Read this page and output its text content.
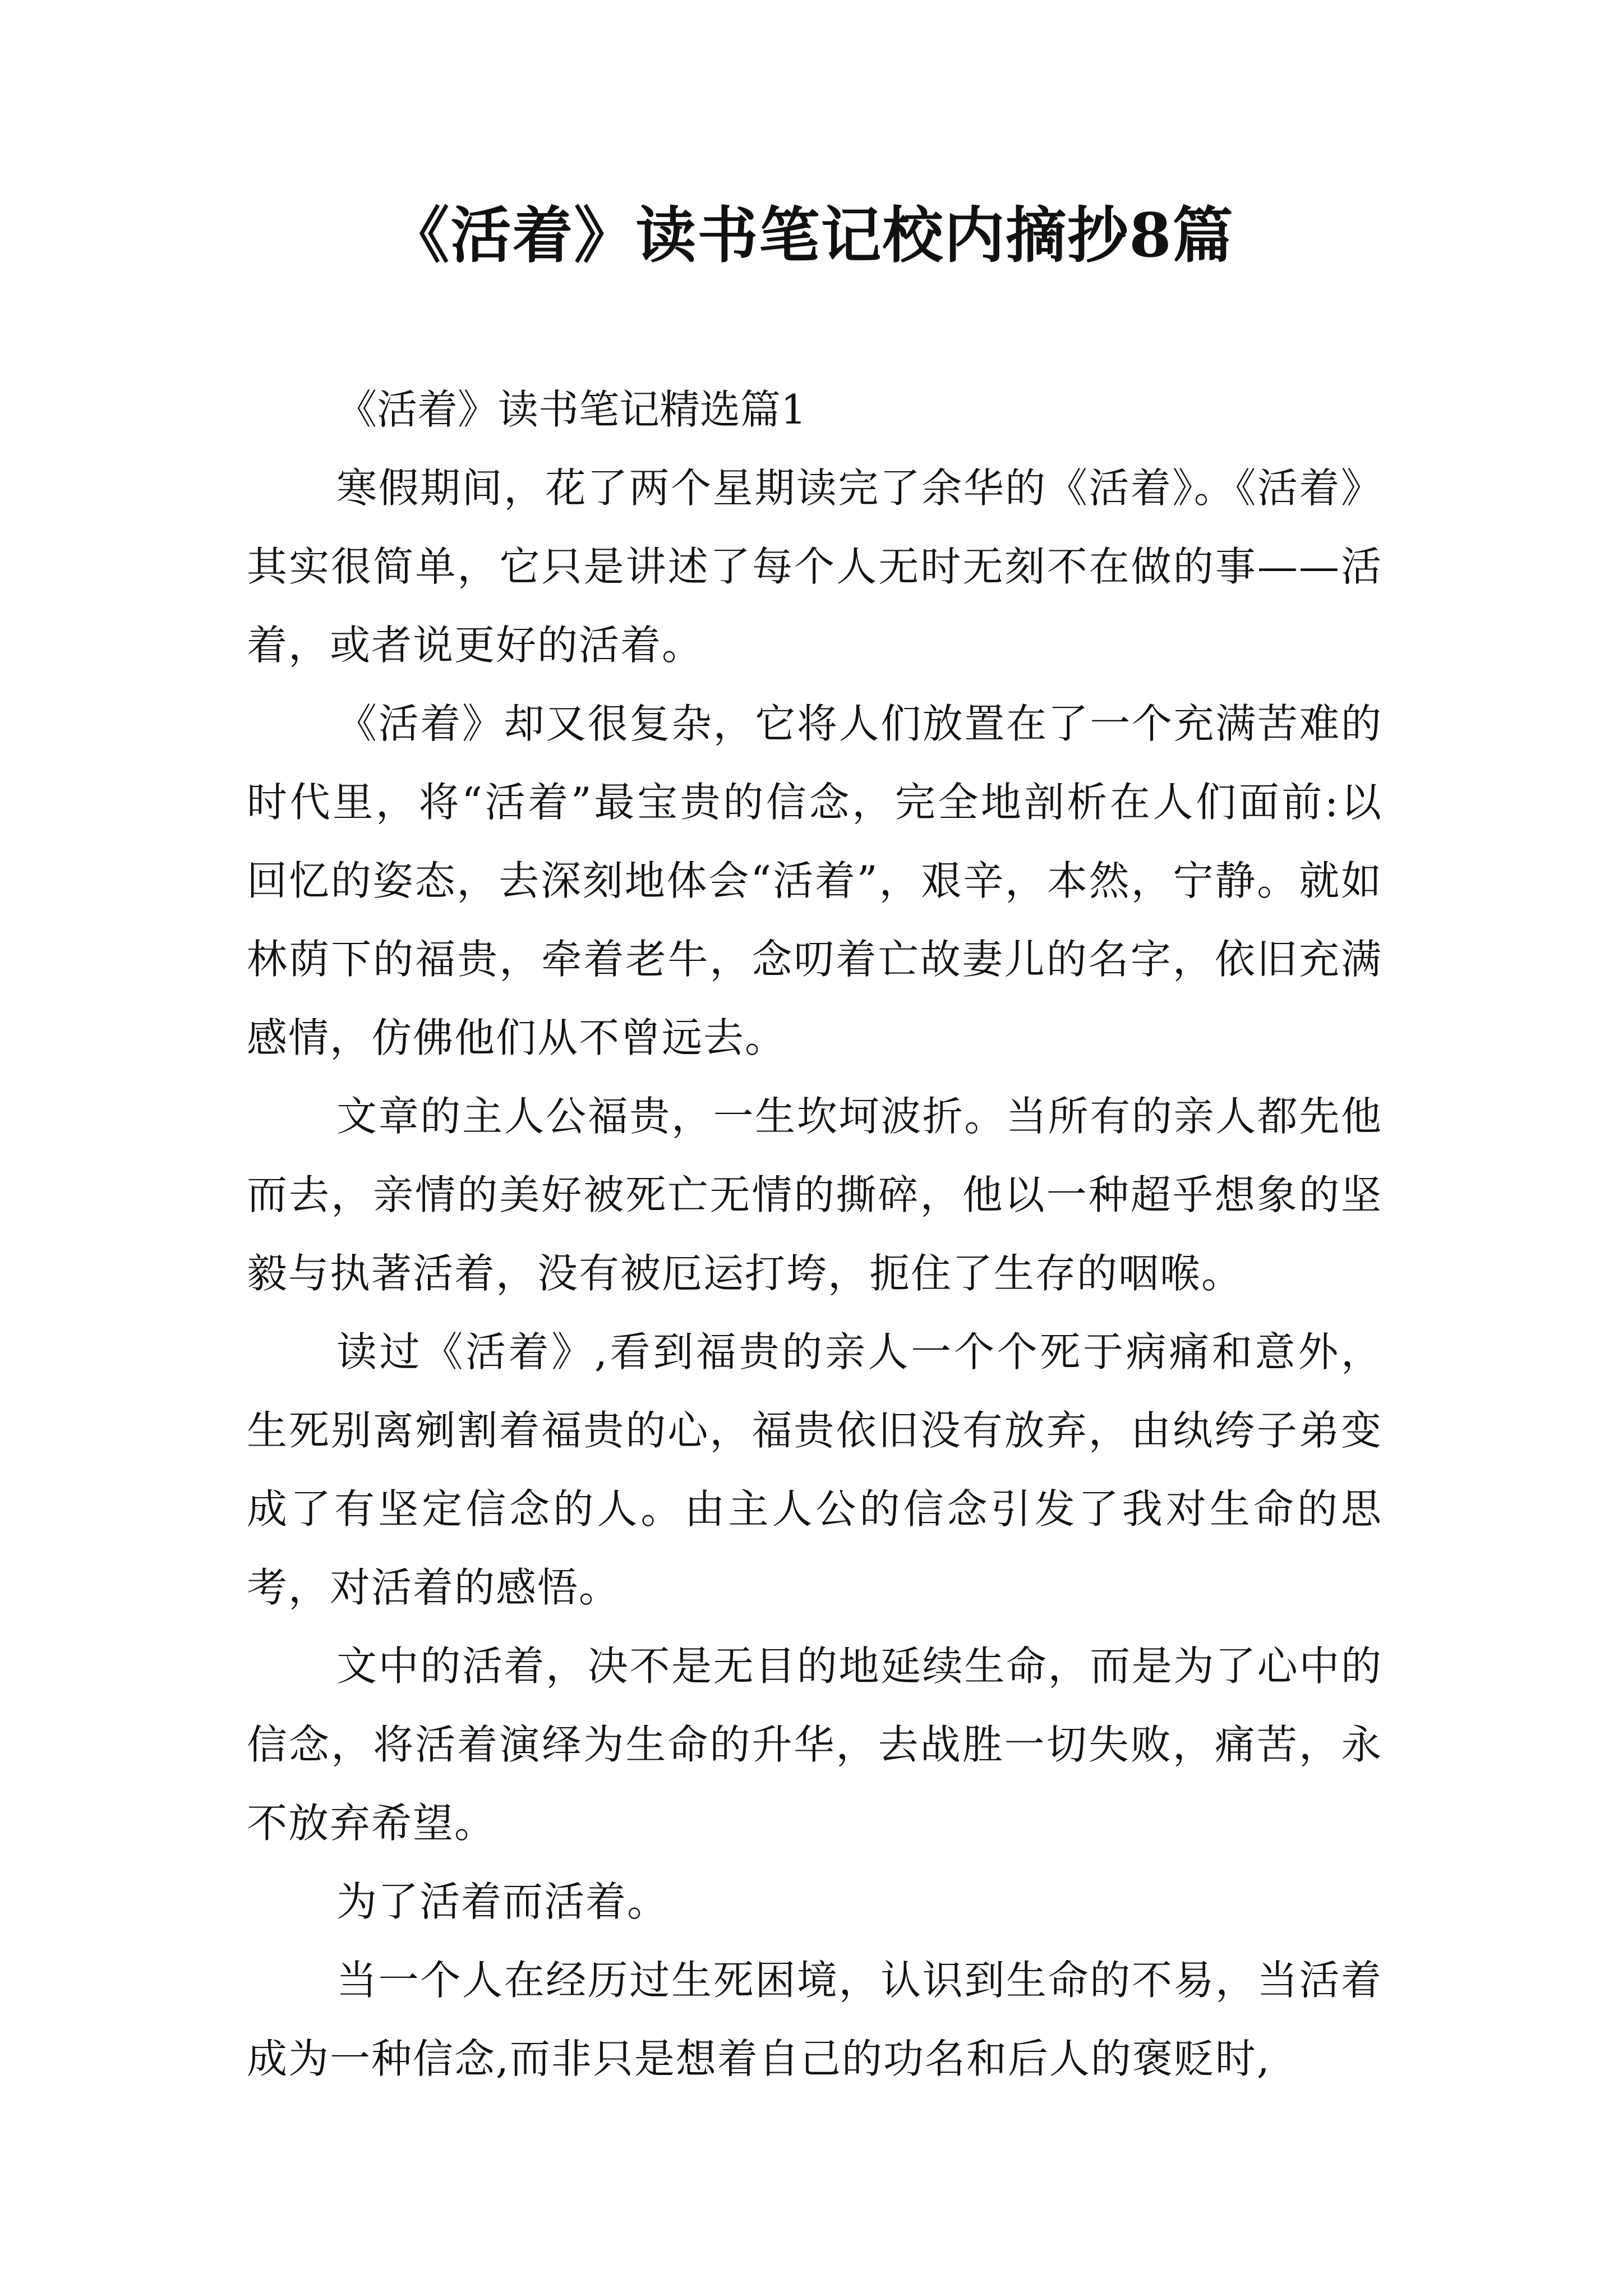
《活着》读书笔记校内摘抄8篇

《活着》读书笔记精选篇1

寒假期间，花了两个星期读完了余华的《活着》。《活着》其实很简单，它只是讲述了每个人无时无刻不在做的事——活着，或者说更好的活着。

《活着》却又很复杂，它将人们放置在了一个充满苦难的时代里，将“活着”最宝贵的信念，完全地剖析在人们面前:以回忆的姿态，去深刻地体会“活着”，艰辛，本然，宁静。就如林荫下的福贵，牵着老牛，念叨着亡故妻儿的名字，依旧充满感情，仿佛他们从不曾远去。

文章的主人公福贵，一生坎坷波折。当所有的亲人都先他而去，亲情的美好被死亡无情的撕碎，他以一种超乎想象的坚毅与执著活着，没有被厄运打垮，扼住了生存的咽喉。

读过《活着》,看到福贵的亲人一个个死于病痛和意外，生死别离剜割着福贵的心，福贵依旧没有放弃，由纨绔子弟变成了有坚定信念的人。由主人公的信念引发了我对生命的思考，对活着的感悟。

文中的活着，决不是无目的地延续生命，而是为了心中的信念，将活着演绎为生命的升华，去战胜一切失败，痛苦，永不放弃希望。

为了活着而活着。

当一个人在经历过生死困境，认识到生命的不易，当活着成为一种信念,而非只是想着自己的功名和后人的褒贬时,
